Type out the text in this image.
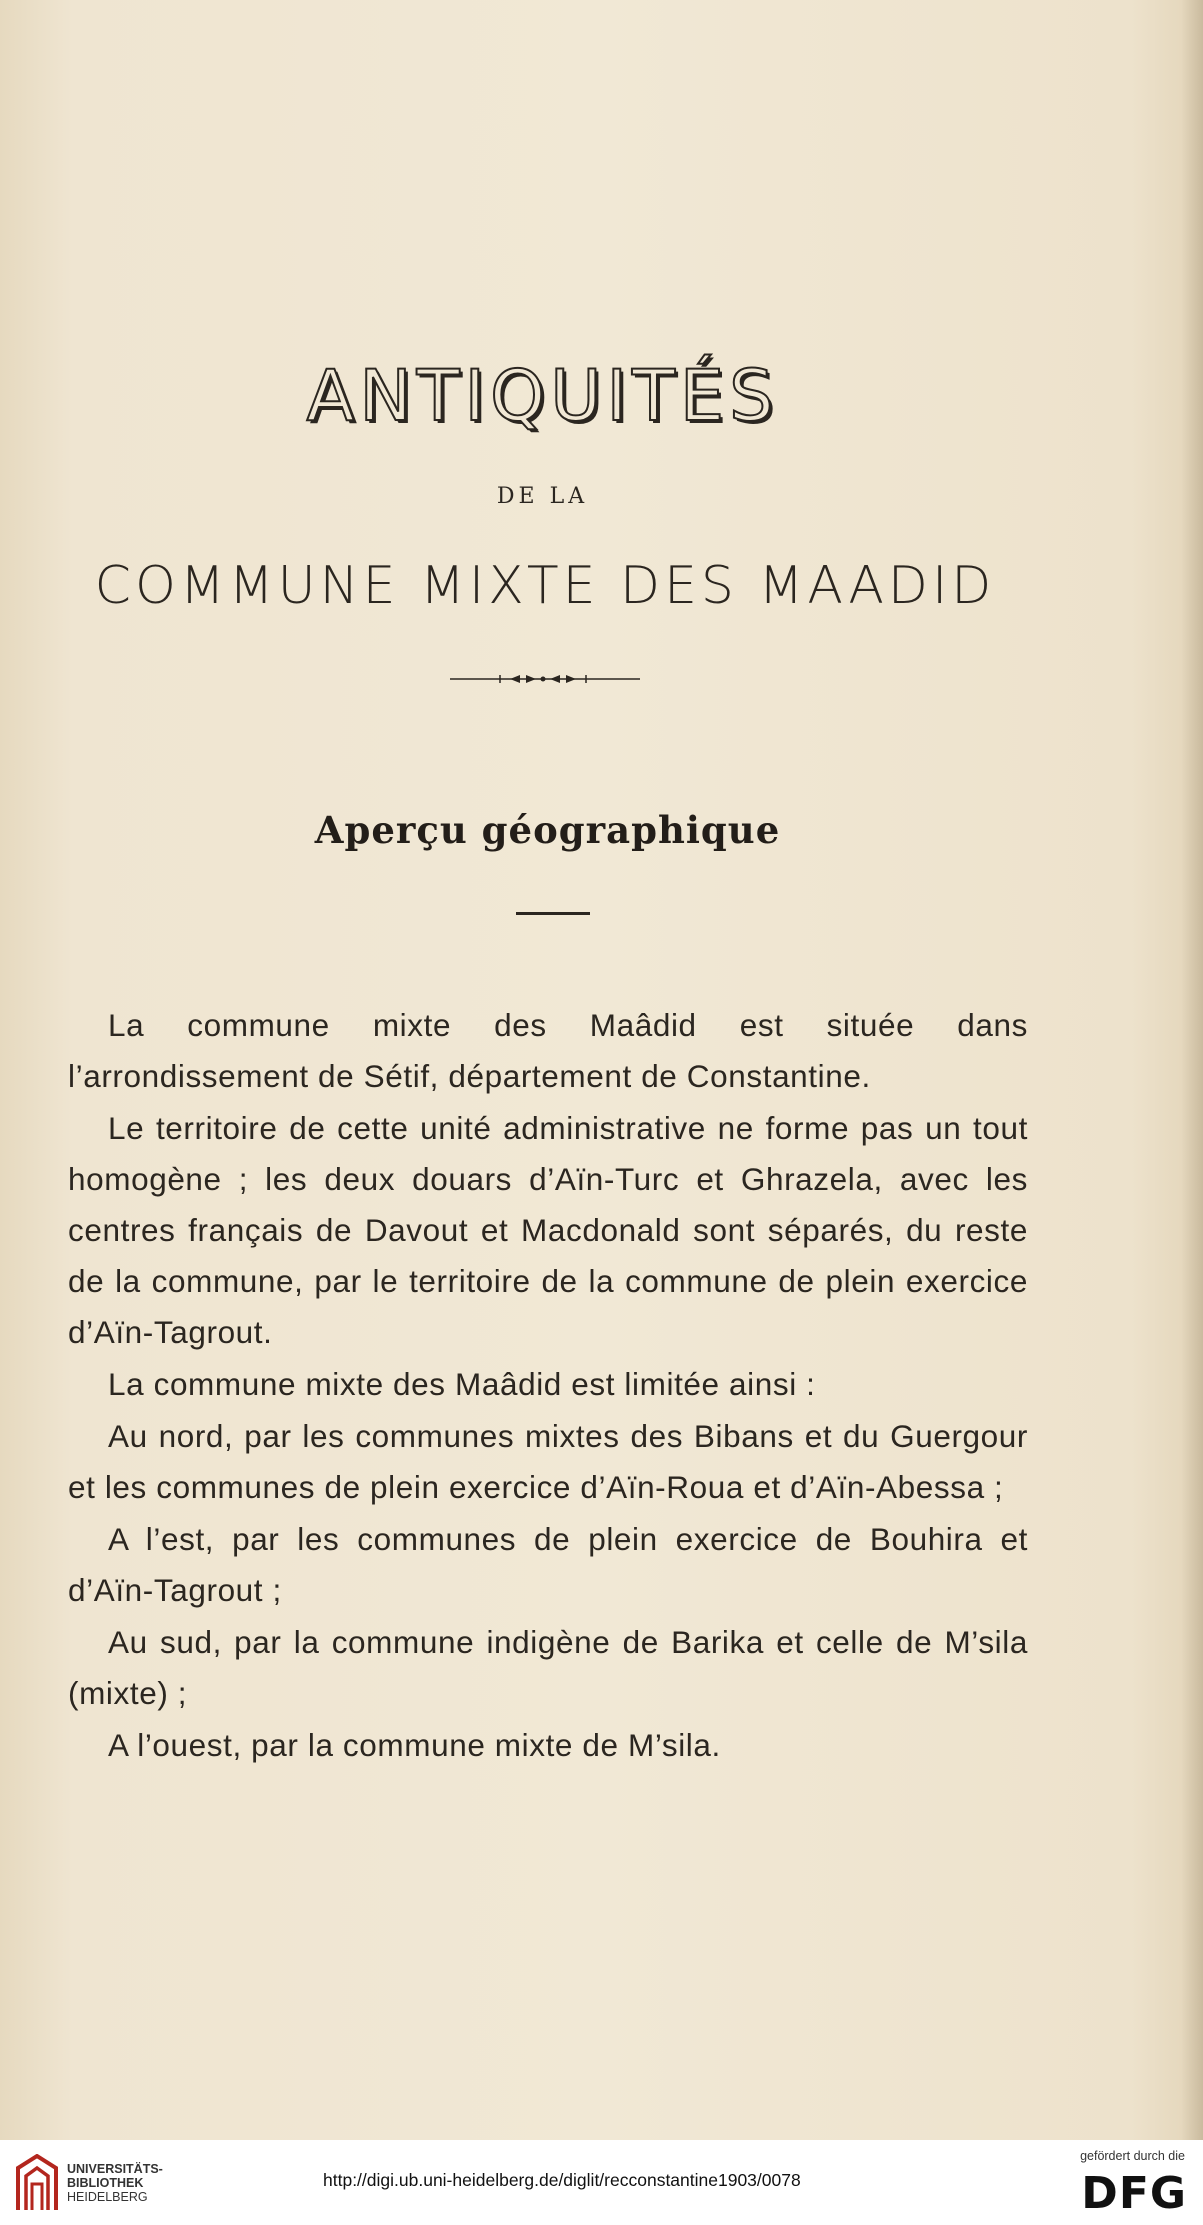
ANTIQUITÉS
DE LA
COMMUNE MIXTE DES MAADID
Aperçu géographique

La commune mixte des Maâdid est située dans l’arrondissement de Sétif, département de Constantine.

Le territoire de cette unité administrative ne forme pas un tout homogène ; les deux douars d’Aïn-Turc et Ghrazela, avec les centres français de Davout et Macdonald sont séparés, du reste de la commune, par le territoire de la commune de plein exercice d’Aïn-Tagrout.

La commune mixte des Maâdid est limitée ainsi :

Au nord, par les communes mixtes des Bibans et du Guergour et les communes de plein exercice d’Aïn-Roua et d’Aïn-Abessa ;

A l’est, par les communes de plein exercice de Bouhira et d’Aïn-Tagrout ;

Au sud, par la commune indigène de Barika et celle de M’sila (mixte) ;

A l’ouest, par la commune mixte de M’sila.

UNIVERSITÄTS-
BIBLIOTHEK
HEIDELBERG
http://digi.ub.uni-heidelberg.de/diglit/recconstantine1903/0078
gefördert durch die
DFG
